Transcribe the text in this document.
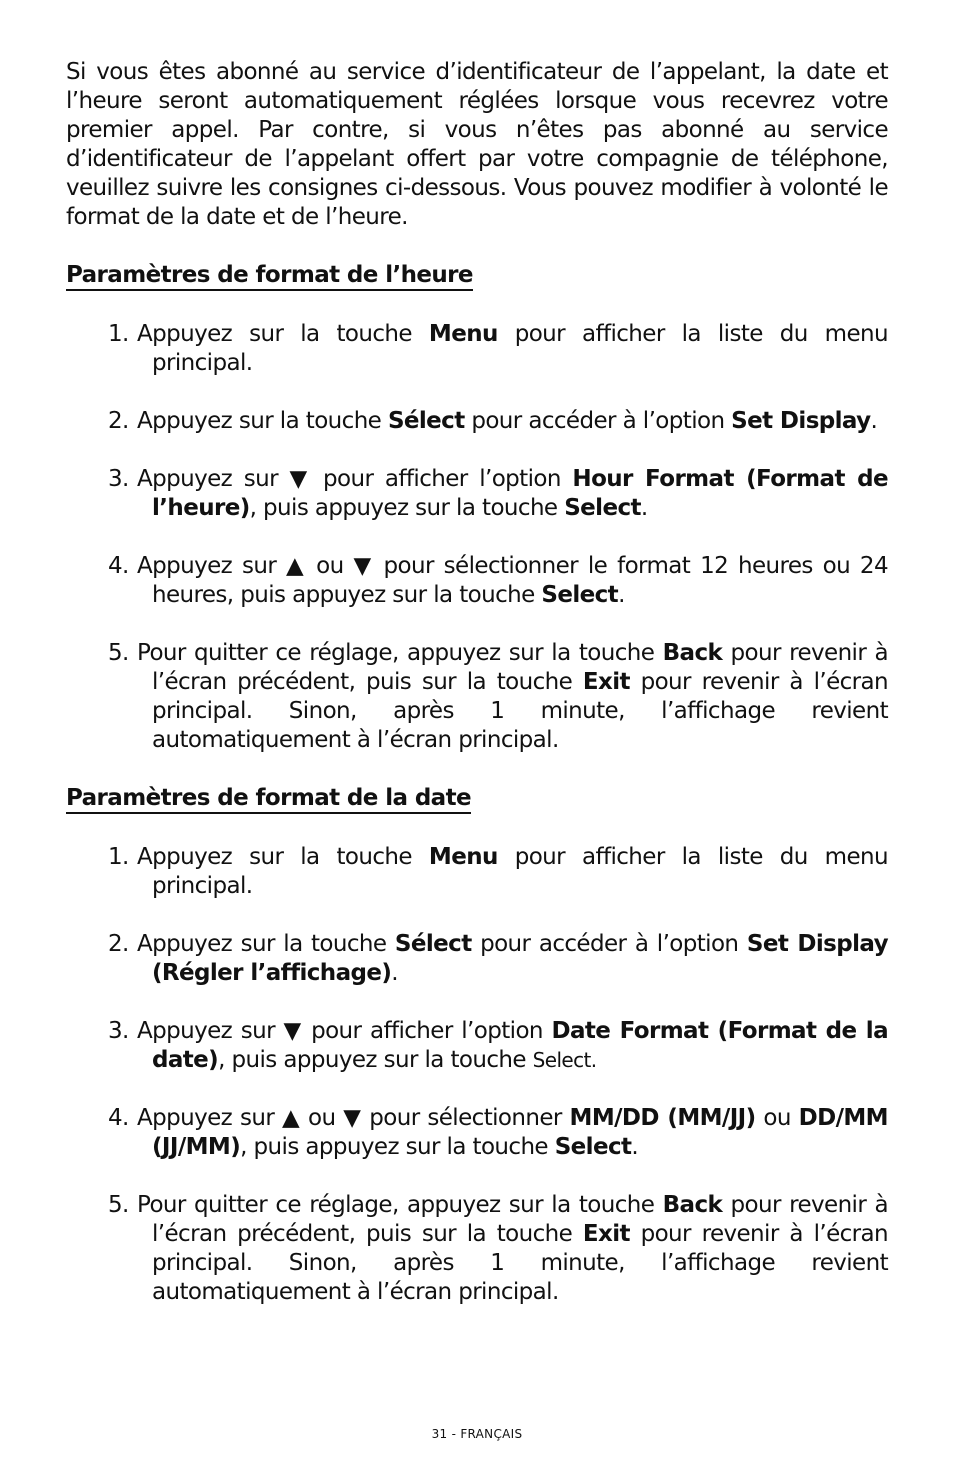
Si vous êtes abonné au service d’identificateur de l’appelant, la date et l’heure seront automatiquement réglées lorsque vous recevrez votre premier appel. Par contre, si vous n’êtes pas abonné au service d’identificateur de l’appelant offert par votre compagnie de téléphone, veuillez suivre les consignes ci-dessous. Vous pouvez modifier à volonté le format de la date et de l’heure.

Paramètres de format de l’heure
1. Appuyez sur la touche Menu pour afficher la liste du menu principal.
2. Appuyez sur la touche Sélect pour accéder à l’option Set Display.
3. Appuyez sur ▼ pour afficher l’option Hour Format (Format de l’heure), puis appuyez sur la touche Select.
4. Appuyez sur ▲ ou ▼ pour sélectionner le format 12 heures ou 24 heures, puis appuyez sur la touche Select.
5. Pour quitter ce réglage, appuyez sur la touche Back pour revenir à l’écran précédent, puis sur la touche Exit pour revenir à l’écran principal. Sinon, après 1 minute, l’affichage revient automatiquement à l’écran principal.
Paramètres de format de la date
1. Appuyez sur la touche Menu pour afficher la liste du menu principal.
2. Appuyez sur la touche Sélect pour accéder à l’option Set Display (Régler l’affichage).
3. Appuyez sur ▼ pour afficher l’option Date Format (Format de la date), puis appuyez sur la touche Select.
4. Appuyez sur ▲ ou ▼ pour sélectionner MM/DD (MM/JJ) ou DD/MM (JJ/MM), puis appuyez sur la touche Select.
5. Pour quitter ce réglage, appuyez sur la touche Back pour revenir à l’écran précédent, puis sur la touche Exit pour revenir à l’écran principal. Sinon, après 1 minute, l’affichage revient automatiquement à l’écran principal.
31 - FRANÇAIS
